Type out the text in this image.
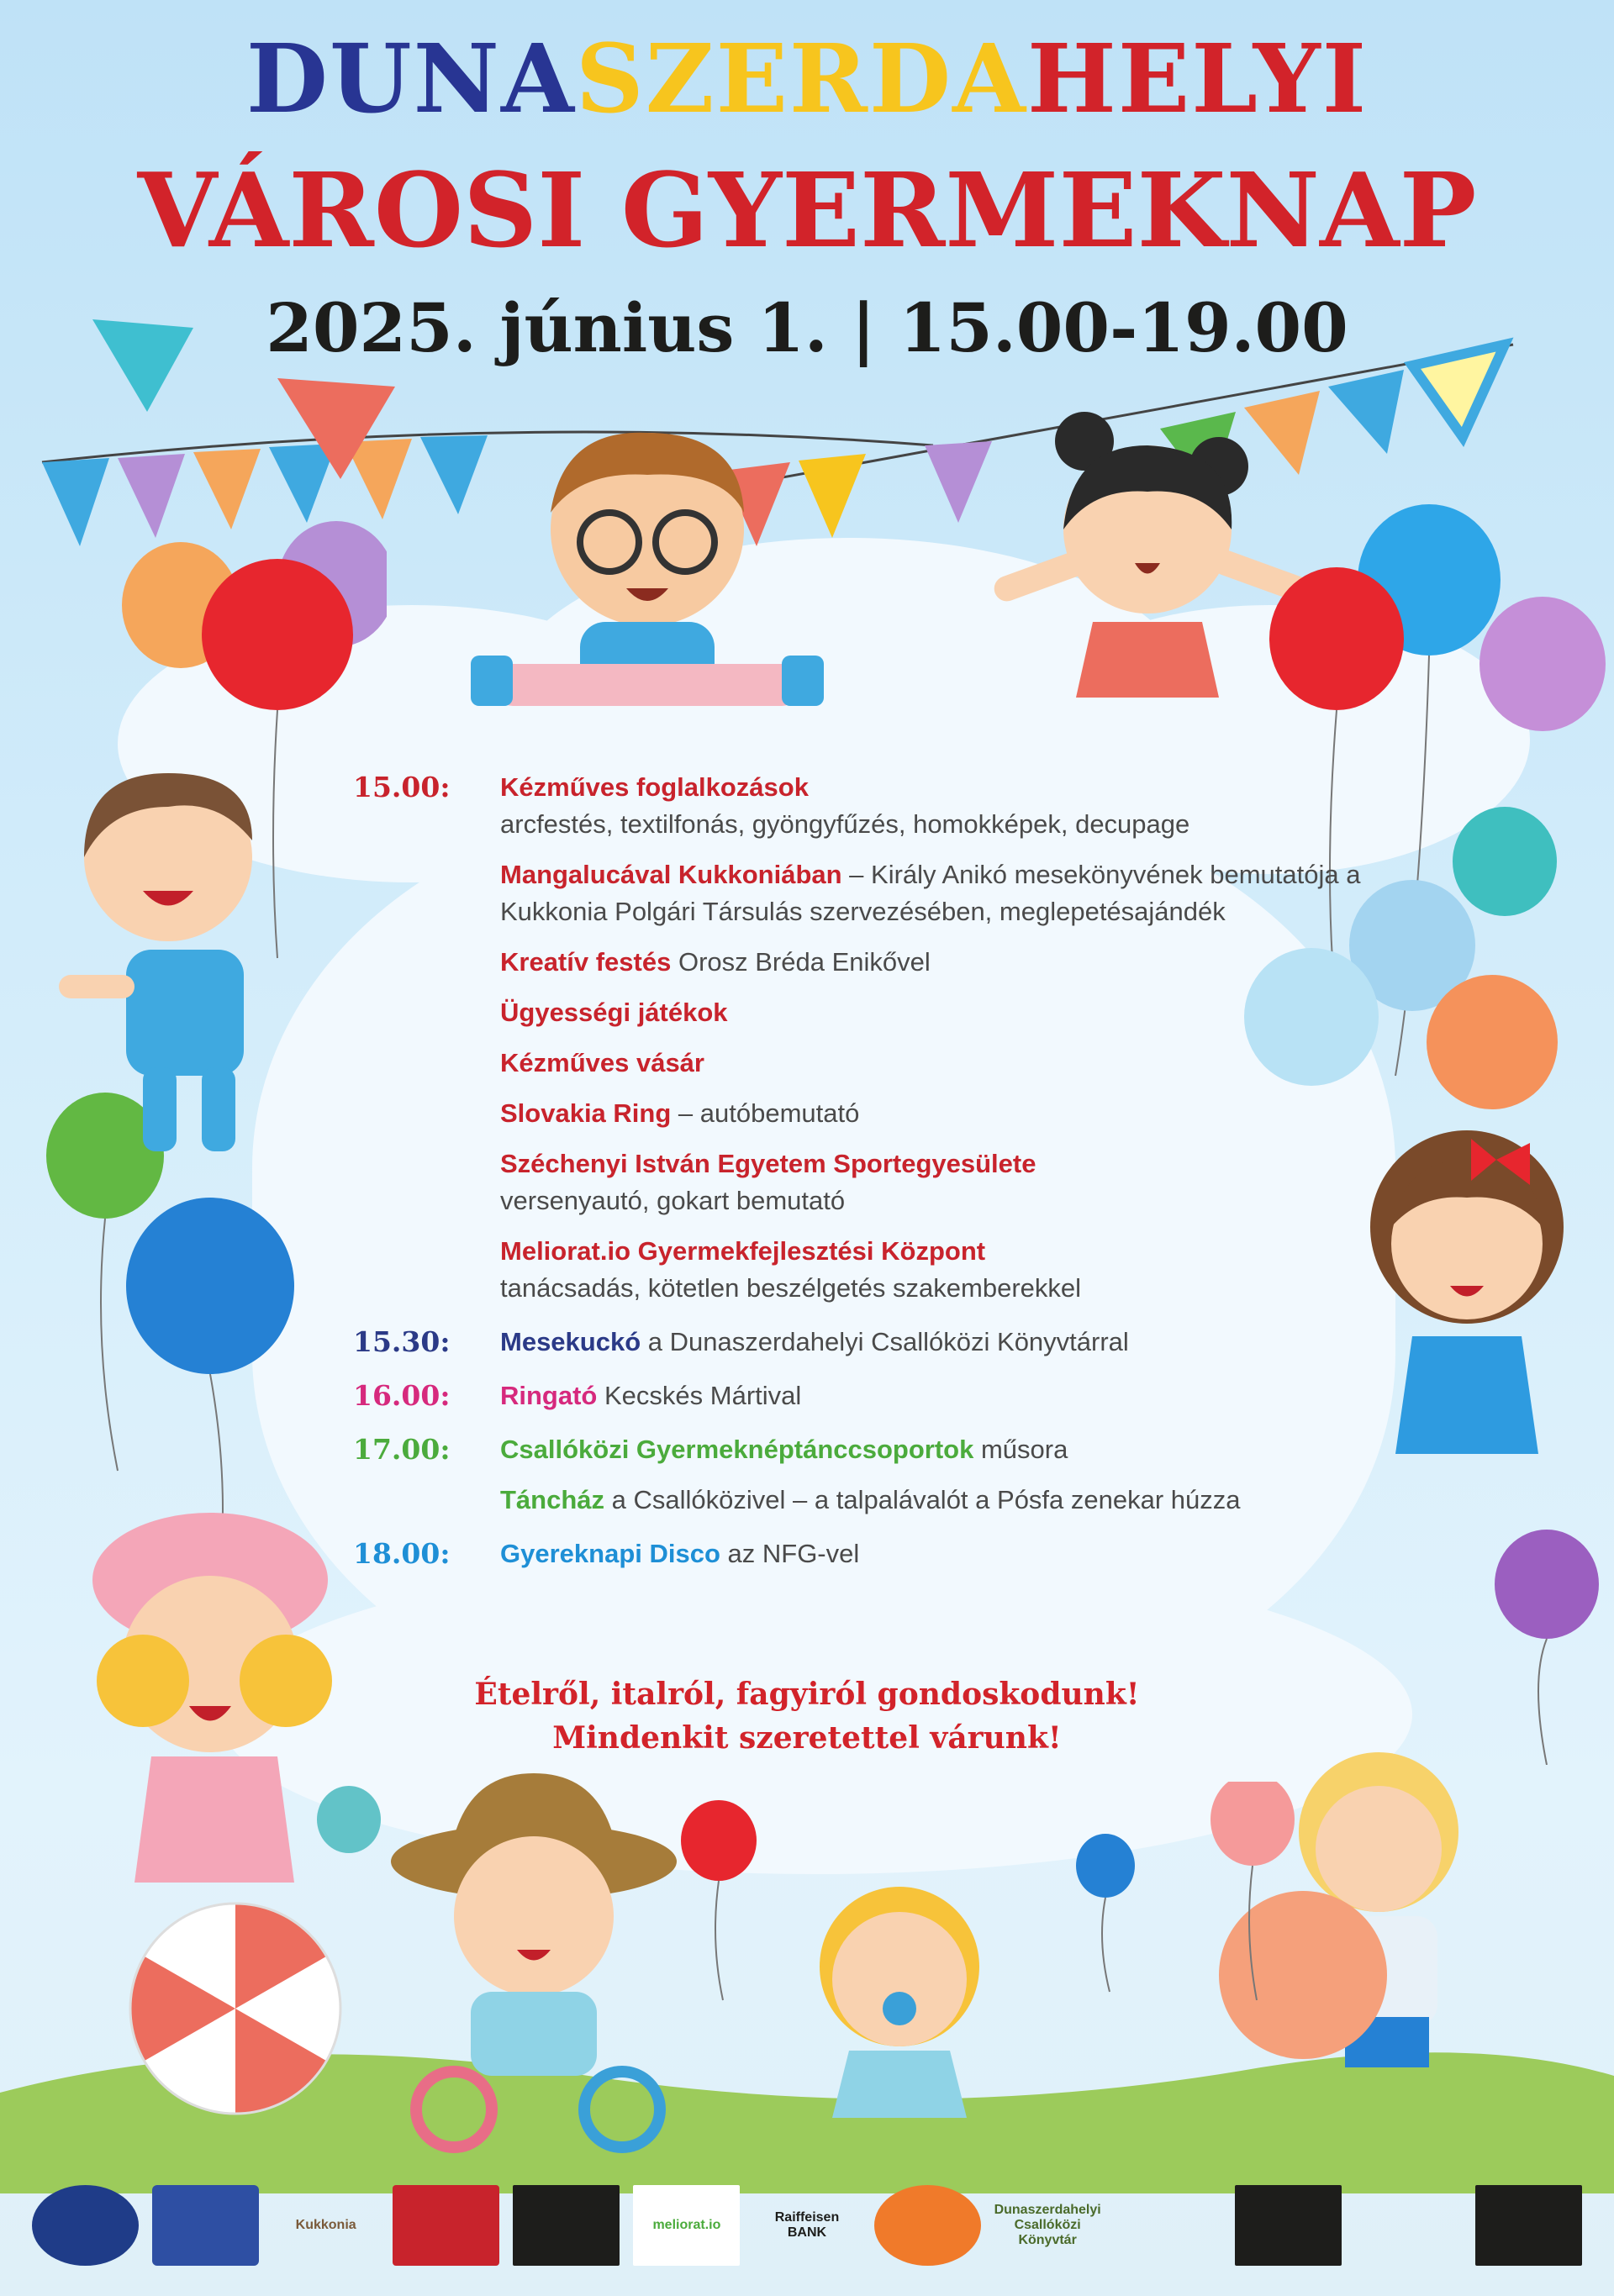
DUNASZERDAHELYI
VÁROSI GYERMEKNAP
2025. június 1. | 15.00-19.00
15.00:	Kézműves foglalkozások
arcfestés, textilfonás, gyöngyfűzés, homokképek, decupage
Mangalucával Kukkoniában – Király Anikó mesekönyvének bemutatója a Kukkonia Polgári Társulás szervezésében, meglepetésajándék
Kreatív festés Orosz Bréda Enikővel
Ügyességi játékok
Kézműves vásár
Slovakia Ring – autóbemutató
Széchenyi István Egyetem Sportegyesülete
versenyautó, gokart bemutató
Meliorat.io Gyermekfejlesztési Központ
tanácsadás, kötetlen beszélgetés szakemberekkel
15.30:	Mesekuckó a Dunaszerdahelyi Csallóközi Könyvtárral
16.00:	Ringató Kecskés Mártival
17.00:	Csallóközi Gyermeknéptánccsoportok műsora
Táncház a Csallóközivel – a talpalávalót a Pósfa zenekar húzza
18.00:	Gyereknapi Disco az NFG-vel
Ételről, italról, fagyiról gondoskodunk!
Mindenkit szeretettel várunk!
Kukkonia	meliorat.io
Raiffeisen BANK
Dunaszerdahelyi Csallóközi Könyvtár
